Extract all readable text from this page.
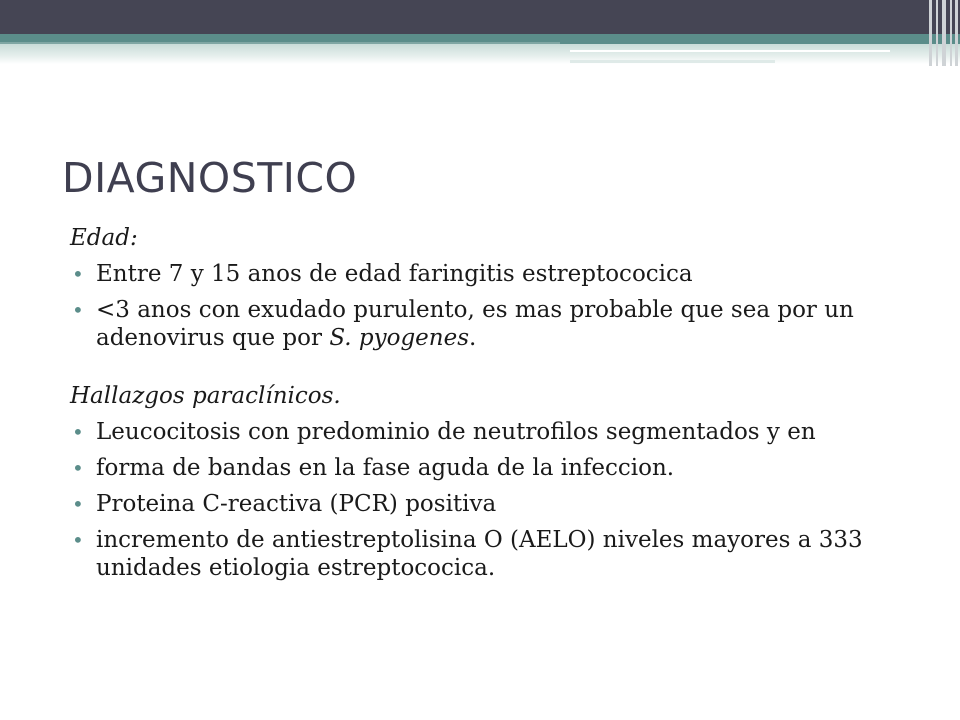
DIAGNOSTICO

Edad:

• Entre 7 y 15 anos de edad faringitis estreptococica
• <3 anos con exudado purulento, es mas probable que sea por un adenovirus que por S. pyogenes.

Hallazgos paraclínicos.

• Leucocitosis con predominio de neutrofilos segmentados y en
• forma de bandas en la fase aguda de la infeccion.
• Proteina C-reactiva (PCR) positiva
• incremento de antiestreptolisina O (AELO) niveles mayores a 333 unidades etiologia estreptococica.
